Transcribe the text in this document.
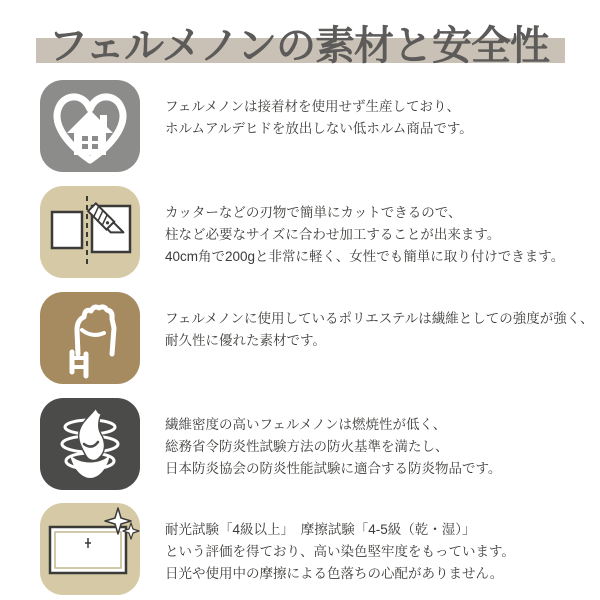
フェルメノンの素材と安全性

フェルメノンは接着材を使用せず生産しており、

ホルムアルデヒドを放出しない低ホルム商品です。

カッターなどの刃物で簡単にカットできるので、

柱など必要なサイズに合わせ加工することが出来ます。

40cm角で200gと非常に軽く、女性でも簡単に取り付けできます。

フェルメノンに使用しているポリエステルは繊維としての強度が強く、

耐久性に優れた素材です。

繊維密度の高いフェルメノンは燃焼性が低く、

総務省令防炎性試験方法の防火基準を満たし、

日本防炎協会の防炎性能試験に適合する防炎物品です。

耐光試験「4級以上」　摩擦試験「4-5級（乾・湿）」

という評価を得ており、高い染色堅牢度をもっています。

日光や使用中の摩擦による色落ちの心配がありません。
